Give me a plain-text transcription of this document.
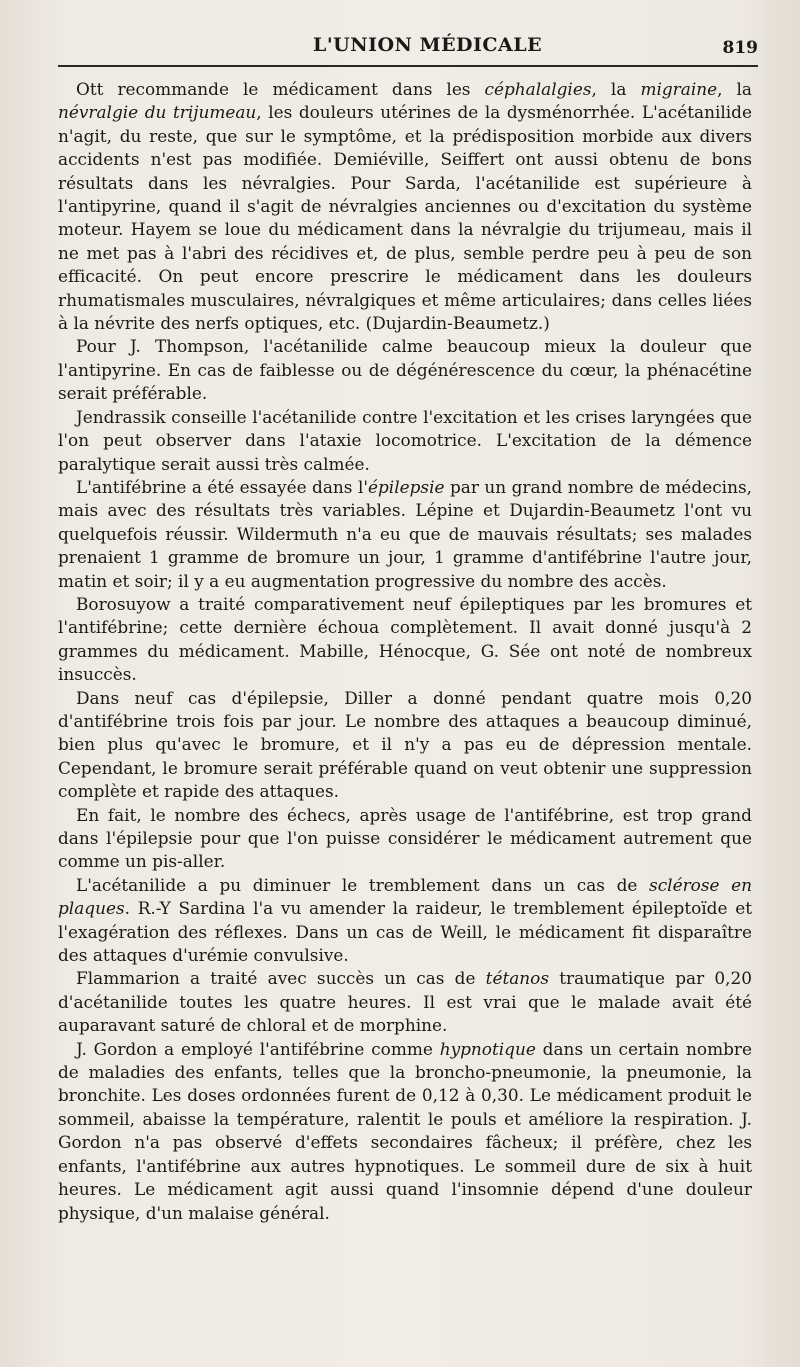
L'UNION MÉDICALE	819

Ott recommande le médicament dans les céphalalgies, la migraine, la névralgie du trijumeau, les douleurs utérines de la dysménorrhée. L'acétanilide n'agit, du reste, que sur le symptôme, et la prédisposition morbide aux divers accidents n'est pas modifiée. Demiéville, Seiffert ont aussi obtenu de bons résultats dans les névralgies. Pour Sarda, l'acétanilide est supérieure à l'antipyrine, quand il s'agit de névralgies anciennes ou d'excitation du système moteur. Hayem se loue du médicament dans la névralgie du trijumeau, mais il ne met pas à l'abri des récidives et, de plus, semble perdre peu à peu de son efficacité. On peut encore prescrire le médicament dans les douleurs rhumatismales musculaires, névralgiques et même articulaires; dans celles liées à la névrite des nerfs optiques, etc. (Dujardin-Beaumetz.)

Pour J. Thompson, l'acétanilide calme beaucoup mieux la douleur que l'antipyrine. En cas de faiblesse ou de dégénérescence du cœur, la phénacétine serait préférable.

Jendrassik conseille l'acétanilide contre l'excitation et les crises laryngées que l'on peut observer dans l'ataxie locomotrice. L'excitation de la démence paralytique serait aussi très calmée.

L'antifébrine a été essayée dans l'épilepsie par un grand nombre de médecins, mais avec des résultats très variables. Lépine et Dujardin-Beaumetz l'ont vu quelquefois réussir. Wildermuth n'a eu que de mauvais résultats; ses malades prenaient 1 gramme de bromure un jour, 1 gramme d'antifébrine l'autre jour, matin et soir; il y a eu augmentation progressive du nombre des accès.

Borosuyow a traité comparativement neuf épileptiques par les bromures et l'antifébrine; cette dernière échoua complètement. Il avait donné jusqu'à 2 grammes du médicament. Mabille, Hénocque, G. Sée ont noté de nombreux insuccès.

Dans neuf cas d'épilepsie, Diller a donné pendant quatre mois 0,20 d'antifébrine trois fois par jour. Le nombre des attaques a beaucoup diminué, bien plus qu'avec le bromure, et il n'y a pas eu de dépression mentale. Cependant, le bromure serait préférable quand on veut obtenir une suppression complète et rapide des attaques.

En fait, le nombre des échecs, après usage de l'antifébrine, est trop grand dans l'épilepsie pour que l'on puisse considérer le médicament autrement que comme un pis-aller.

L'acétanilide a pu diminuer le tremblement dans un cas de sclérose en plaques. R.-Y Sardina l'a vu amender la raideur, le tremblement épileptoïde et l'exagération des réflexes. Dans un cas de Weill, le médicament fit disparaître des attaques d'urémie convulsive.

Flammarion a traité avec succès un cas de tétanos traumatique par 0,20 d'acétanilide toutes les quatre heures. Il est vrai que le malade avait été auparavant saturé de chloral et de morphine.

J. Gordon a employé l'antifébrine comme hypnotique dans un certain nombre de maladies des enfants, telles que la broncho-pneumonie, la pneumonie, la bronchite. Les doses ordonnées furent de 0,12 à 0,30. Le médicament produit le sommeil, abaisse la température, ralentit le pouls et améliore la respiration. J. Gordon n'a pas observé d'effets secondaires fâcheux; il préfère, chez les enfants, l'antifébrine aux autres hypnotiques. Le sommeil dure de six à huit heures. Le médicament agit aussi quand l'insomnie dépend d'une douleur physique, d'un malaise général.
